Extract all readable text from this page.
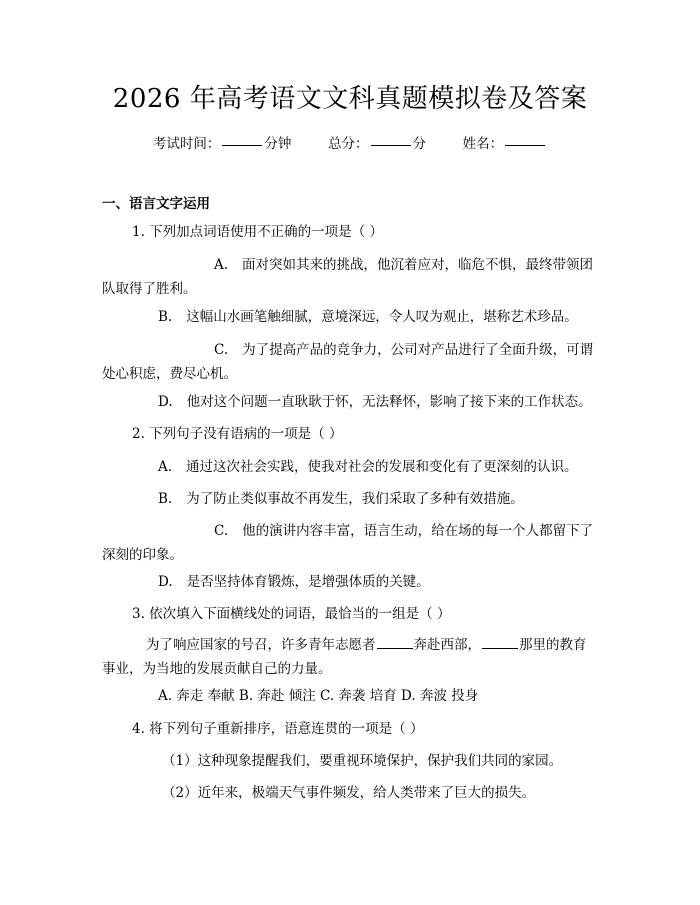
2026 年高考语文文科真题模拟卷及答案
考试时间：	分钟	总分：	分	姓名：
一、语言文字运用
1. 下列加点词语使用不正确的一项是（ ）
A. 面对突如其来的挑战，他沉着应对，临危不惧，最终带领团队取得了胜利。
B. 这幅山水画笔触细腻，意境深远，令人叹为观止，堪称艺术珍品。
C. 为了提高产品的竞争力，公司对产品进行了全面升级，可谓处心积虑，费尽心机。
D. 他对这个问题一直耿耿于怀，无法释怀，影响了接下来的工作状态。
2. 下列句子没有语病的一项是（ ）
A. 通过这次社会实践，使我对社会的发展和变化有了更深刻的认识。
B. 为了防止类似事故不再发生，我们采取了多种有效措施。
C. 他的演讲内容丰富，语言生动，给在场的每一个人都留下了深刻的印象。
D. 是否坚持体育锻炼，是增强体质的关键。
3. 依次填入下面横线处的词语，最恰当的一组是（ ）
为了响应国家的号召，许多青年志愿者	奔赴西部，	那里的教育事业，为当地的发展贡献自己的力量。
A. 奔走 奉献 B. 奔赴 倾注 C. 奔袭 培育 D. 奔波 投身
4. 将下列句子重新排序，语意连贯的一项是（ ）
（1）这种现象提醒我们，要重视环境保护，保护我们共同的家园。
（2）近年来，极端天气事件频发，给人类带来了巨大的损失。
